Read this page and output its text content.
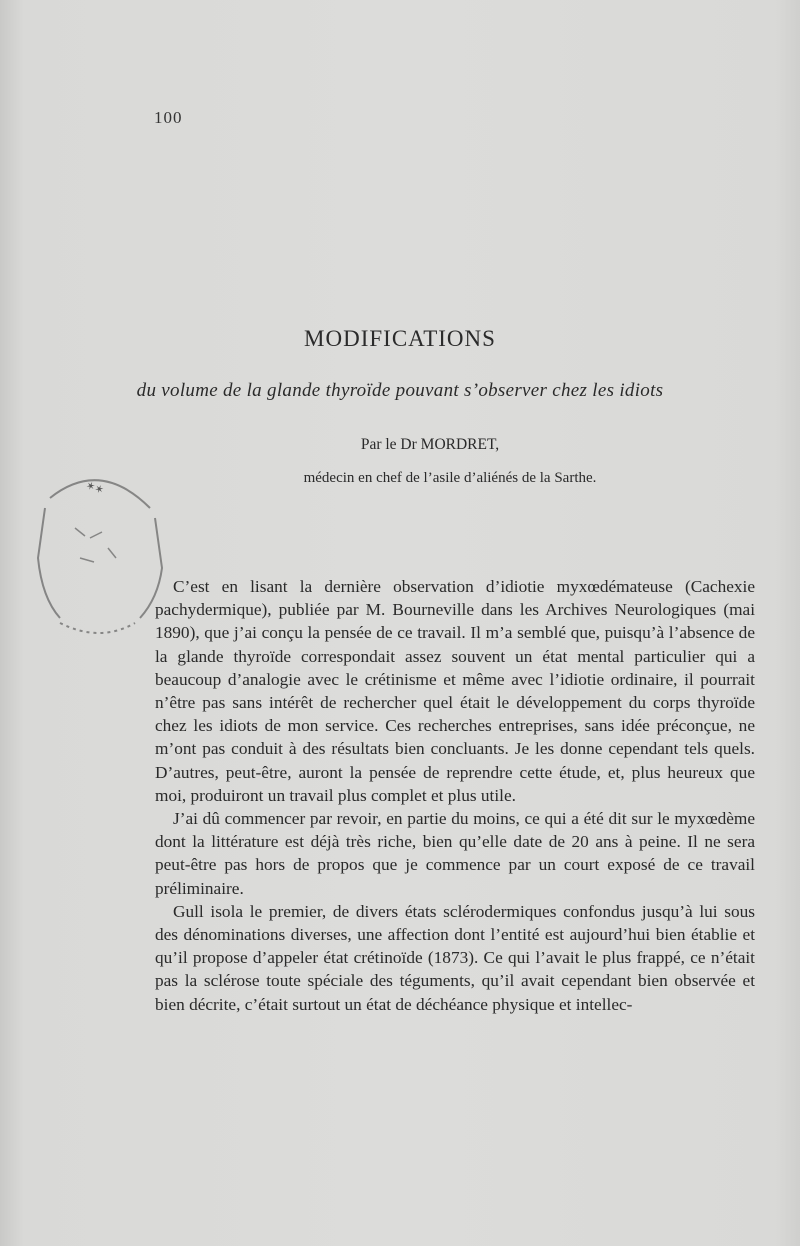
100
✶✶
MODIFICATIONS
du volume de la glande thyroïde pouvant s’observer chez les idiots
Par le Dr MORDRET,
médecin en chef de l’asile d’aliénés de la Sarthe.

C’est en lisant la dernière observation d’idiotie myxœdémateuse (Cachexie pachydermique), publiée par M. Bourneville dans les Archives Neurologiques (mai 1890), que j’ai conçu la pensée de ce travail. Il m’a semblé que, puisqu’à l’absence de la glande thyroïde correspondait assez souvent un état mental particulier qui a beaucoup d’analogie avec le crétinisme et même avec l’idiotie ordinaire, il pourrait n’être pas sans intérêt de rechercher quel était le développement du corps thyroïde chez les idiots de mon service. Ces recherches entreprises, sans idée préconçue, ne m’ont pas conduit à des résultats bien concluants. Je les donne cependant tels quels. D’autres, peut-être, auront la pensée de reprendre cette étude, et, plus heureux que moi, produiront un travail plus complet et plus utile.

J’ai dû commencer par revoir, en partie du moins, ce qui a été dit sur le myxœdème dont la littérature est déjà très riche, bien qu’elle date de 20 ans à peine. Il ne sera peut-être pas hors de propos que je commence par un court exposé de ce travail préliminaire.

Gull isola le premier, de divers états sclérodermiques confondus jusqu’à lui sous des dénominations diverses, une affection dont l’entité est aujourd’hui bien établie et qu’il propose d’appeler état crétinoïde (1873). Ce qui l’avait le plus frappé, ce n’était pas la sclérose toute spéciale des téguments, qu’il avait cependant bien observée et bien décrite, c’était surtout un état de déchéance physique et intellec-
